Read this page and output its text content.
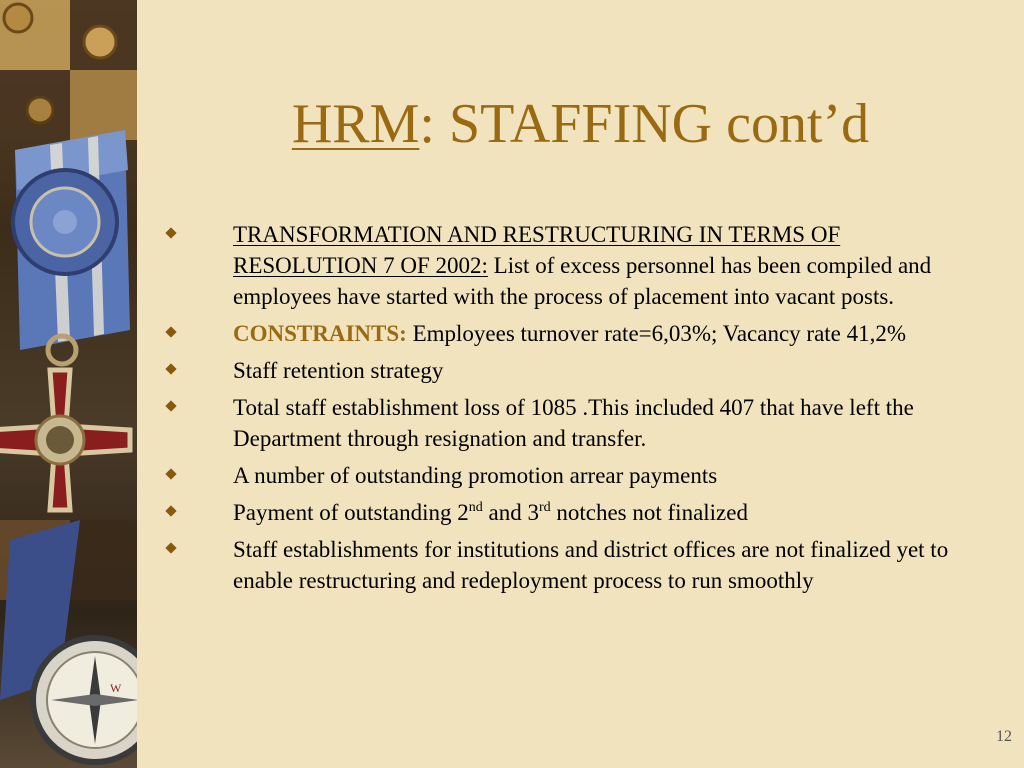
W
HRM: STAFFING cont’d
TRANSFORMATION AND RESTRUCTURING IN TERMS OF RESOLUTION 7 OF 2002: List of excess personnel has been compiled and employees have started with the process of placement into vacant posts.
CONSTRAINTS: Employees turnover rate=6,03%; Vacancy rate 41,2%
Staff retention strategy
Total staff establishment loss of 1085 .This included 407 that have left the Department through resignation and transfer.
A number of outstanding promotion arrear payments
Payment of outstanding 2nd and 3rd notches not finalized
Staff establishments for institutions and district offices are not finalized yet to enable restructuring and redeployment process to run smoothly
12
